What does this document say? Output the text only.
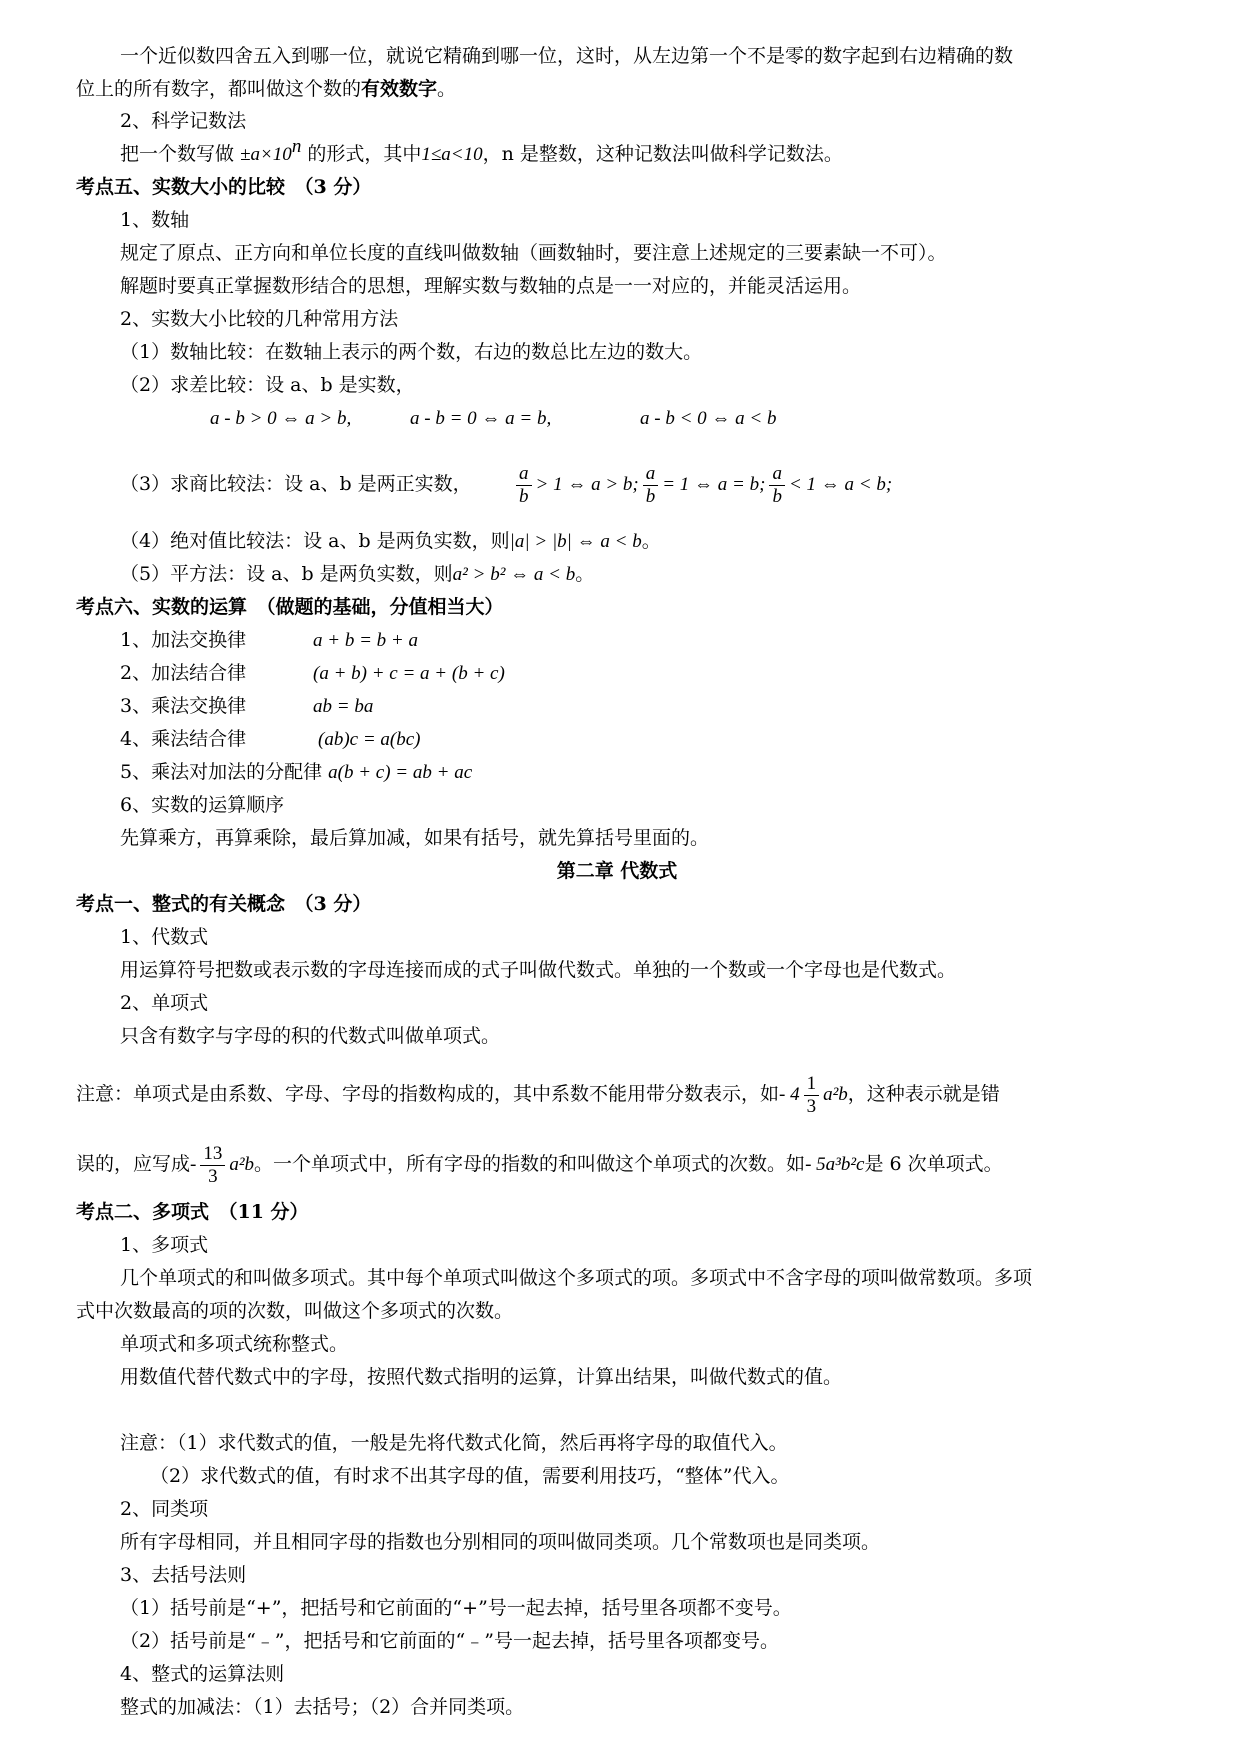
一个近似数四舍五入到哪一位，就说它精确到哪一位，这时，从左边第一个不是零的数字起到右边精确的数
位上的所有数字，都叫做这个数的有效数字。
2、科学记数法
把一个数写做 $\pm a\times 10^n$ 的形式，其中1≤a<10，n 是整数，这种记数法叫做科学记数法。
考点五、实数大小的比较　（3 分）
1、数轴
规定了原点、正方向和单位长度的直线叫做数轴（画数轴时，要注意上述规定的三要素缺一不可）。
解题时要真正掌握数形结合的思想，理解实数与数轴的点是一一对应的，并能灵活运用。
2、实数大小比较的几种常用方法
（1）数轴比较：在数轴上表示的两个数，右边的数总比左边的数大。
（2）求差比较：设 a、b 是实数，
a - b > 0 ⇔ a > b,	a - b = 0 ⇔ a = b,	a - b < 0 ⇔ a < b
（3）求商比较法：设 a、b 是两正实数， $\frac{a}{b} > 1$ ⇔ a > b; $\frac{a}{b} = 1$ ⇔ a = b; $\frac{a}{b} < 1$ ⇔ a < b;
（4）绝对值比较法：设 a、b 是两负实数，则|a| > |b| ⇔ a < b。
（5）平方法：设 a、b 是两负实数，则a² > b² ⇔ a < b。
考点六、实数的运算　（做题的基础，分值相当大）
1、加法交换律	a + b = b + a
2、加法结合律	(a + b) + c = a + (b + c)
3、乘法交换律	ab = ba
4、乘法结合律	(ab)c = a(bc)
5、乘法对加法的分配律 a(b + c) = ab + ac
6、实数的运算顺序
先算乘方，再算乘除，最后算加减，如果有括号，就先算括号里面的。
第二章 代数式
考点一、整式的有关概念　（3 分）
1、代数式
用运算符号把数或表示数的字母连接而成的式子叫做代数式。单独的一个数或一个字母也是代数式。
2、单项式
只含有数字与字母的积的代数式叫做单项式。
注意：单项式是由系数、字母、字母的指数构成的，其中系数不能用带分数表示，如- $4 \frac{1}{3} a^2b$，这种表示就是错
误的，应写成- $\frac{13}{3} a^2b$。一个单项式中，所有字母的指数的和叫做这个单项式的次数。如- 5a³b²c是 6 次单项式。
考点二、多项式　（11 分）
1、多项式
几个单项式的和叫做多项式。其中每个单项式叫做这个多项式的项。多项式中不含字母的项叫做常数项。多项
式中次数最高的项的次数，叫做这个多项式的次数。
单项式和多项式统称整式。
用数值代替代数式中的字母，按照代数式指明的运算，计算出结果，叫做代数式的值。
注意：（1）求代数式的值，一般是先将代数式化简，然后再将字母的取值代入。
（2）求代数式的值，有时求不出其字母的值，需要利用技巧，“整体”代入。
2、同类项
所有字母相同，并且相同字母的指数也分别相同的项叫做同类项。几个常数项也是同类项。
3、去括号法则
（1）括号前是“+”，把括号和它前面的“+”号一起去掉，括号里各项都不变号。
（2）括号前是“﹣”，把括号和它前面的“﹣”号一起去掉，括号里各项都变号。
4、整式的运算法则
整式的加减法：（1）去括号；（2）合并同类项。
